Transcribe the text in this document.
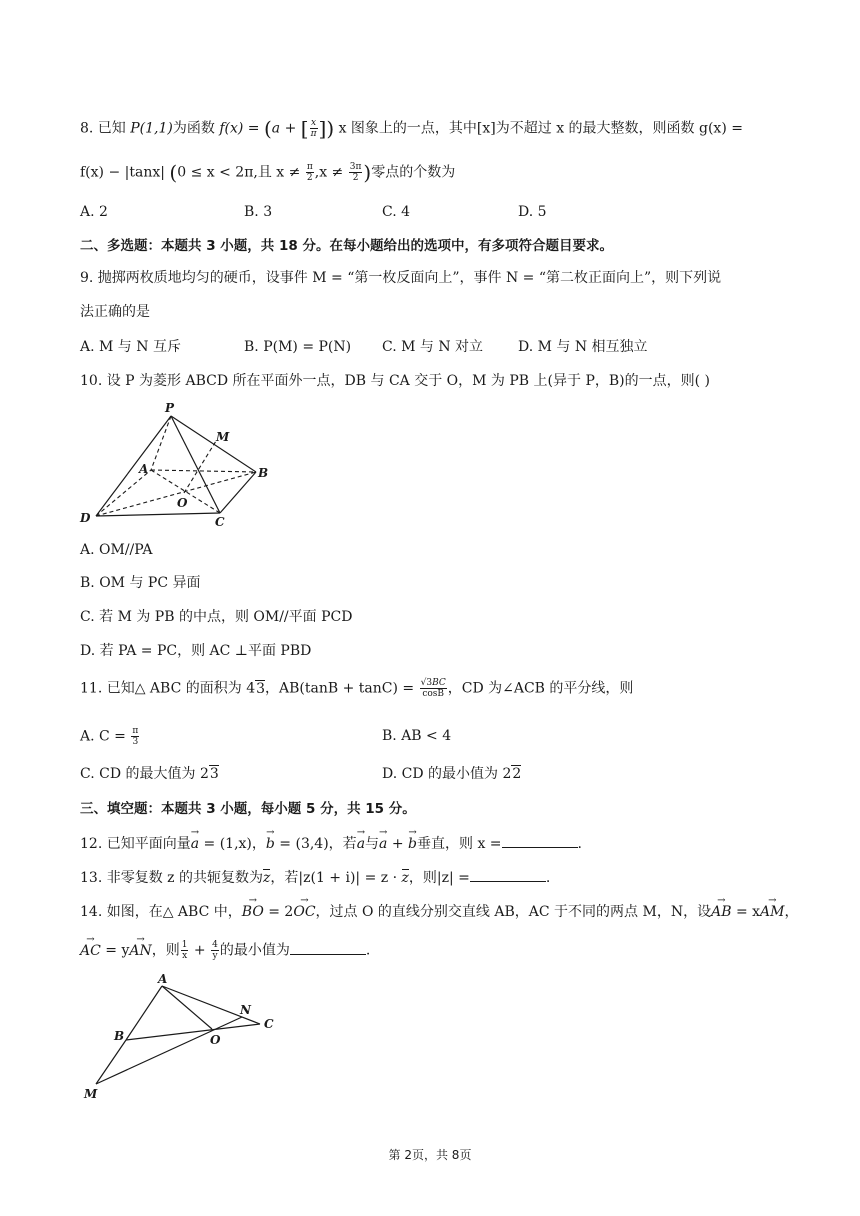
8. 已知 P(1,1)为函数 f(x) = (a + [ $\frac{x}{\pi}$ ]) x 图象上的一点，其中[x]为不超过 x 的最大整数，则函数 g(x) =
f(x) − |tanx| (0 ≤ x < 2π,且 $x \ne \frac{\pi}{2} ,x \ne \frac{3\pi}{2}$ )零点的个数为
A. 2	B. 3	C. 4	D. 5
二、多选题：本题共 3 小题，共 18 分。在每小题给出的选项中，有多项符合题目要求。
9. 抛掷两枚质地均匀的硬币，设事件 M = “第一枚反面向上”，事件 N = “第二枚正面向上”，则下列说
法正确的是
A. M 与 N 互斥	B. P(M) = P(N) C. M 与 N 对立 D. M 与 N 相互独立
10. 设 P 为菱形 ABCD 所在平面外一点，DB 与 CA 交于 O，M 为 PB 上(异于 P，B)的一点，则( )
P
M
A	B
O
D	C
A. OM//PA
B. OM 与 PC 异面
C. 若 M 为 PB 的中点，则 OM//平面 PCD
D. 若 PA = PC，则 AC ⊥平面 PBD
11. 已知△ ABC 的面积为 43，$AB(\tan B + \tan C) = \frac{√3BC}{\cos B}$ ，CD 为∠ACB 的平分线，则
A. $C = \frac{\pi}{3}$	B. AB < 4
C. CD 的最大值为 23	D. CD 的最小值为 22
三、填空题：本题共 3 小题，每小题 5 分，共 15 分。
12. 已知平面向量→ a = (1,x)，→ b = (3,4)，若→ a与→ a + → b垂直，则 x =	.
13. 非零复数 z 的共轭复数为z，若|z(1 + i)| = z · z，则|z| =	.
14. 如图，在△ ABC 中，→ BO = 2→ OC，过点 O 的直线分别交直线 AB，AC 于不同的两点 M，N，设→ AB = x→ AM，
→ AC = y→ AN，则 $\frac{1}{x} + \frac{4}{y}$ 的最小值为	.
A
N
C
B	O
M
第 2页，共 8页
